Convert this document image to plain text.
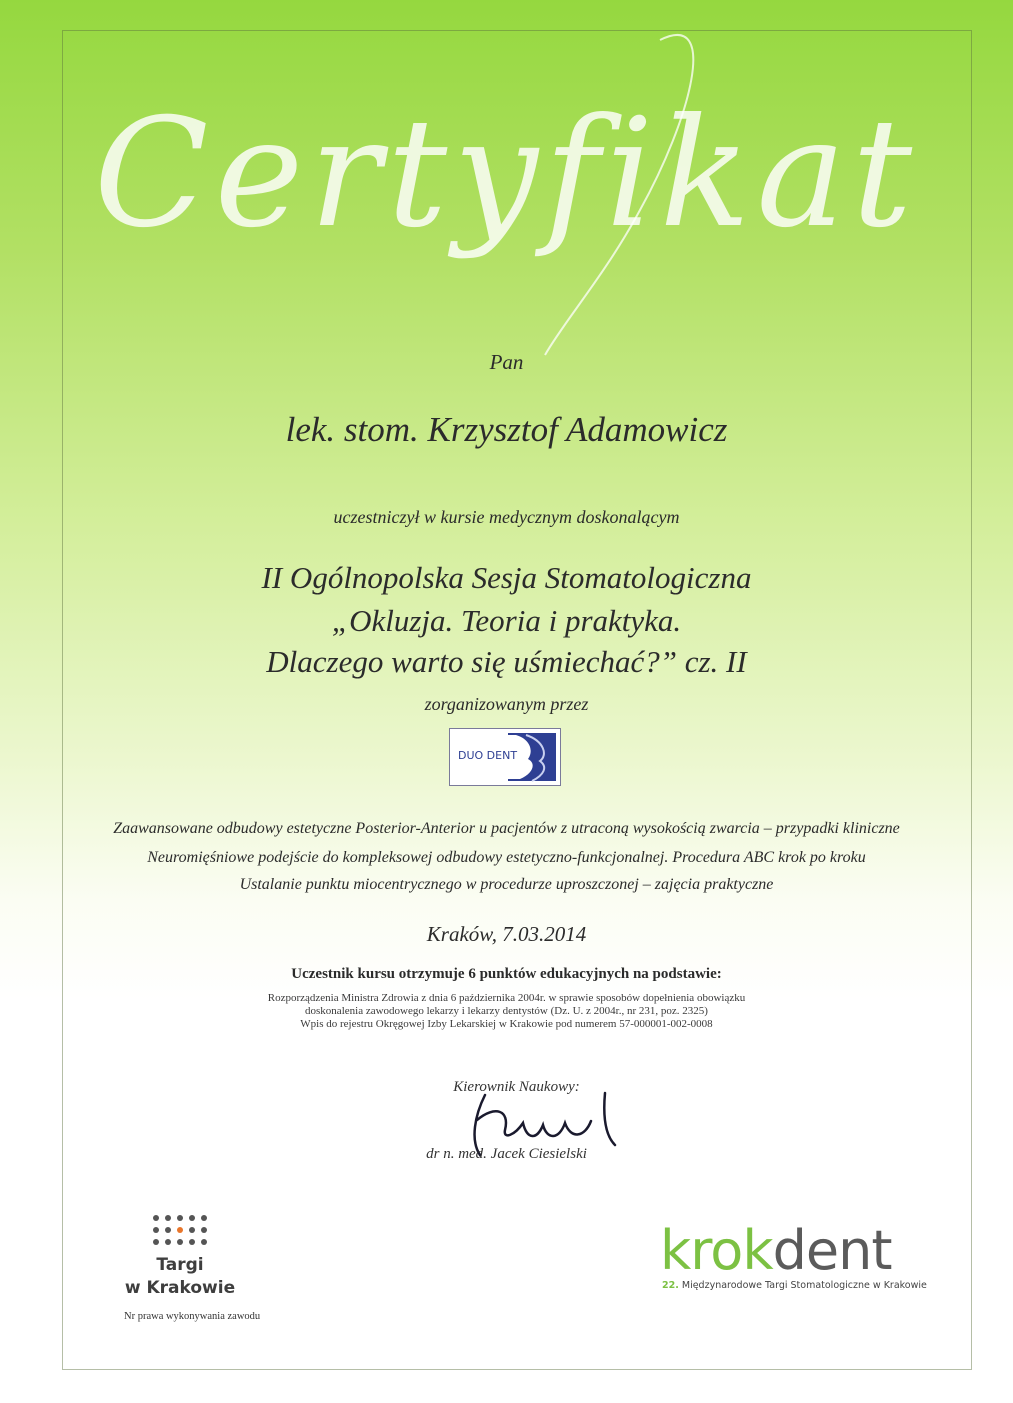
Certyfikat
Pan
lek. stom. Krzysztof Adamowicz
uczestniczył w kursie medycznym doskonalącym
II Ogólnopolska Sesja Stomatologiczna
„Okluzja. Teoria i praktyka.
Dlaczego warto się uśmiechać?” cz. II
zorganizowanym przez
DUO DENT
Zaawansowane odbudowy estetyczne Posterior-Anterior u pacjentów z utraconą wysokością zwarcia – przypadki kliniczne
Neuromięśniowe podejście do kompleksowej odbudowy estetyczno-funkcjonalnej. Procedura ABC krok po kroku
Ustalanie punktu miocentrycznego w procedurze uproszczonej – zajęcia praktyczne
Kraków, 7.03.2014
Uczestnik kursu otrzymuje 6 punktów edukacyjnych na podstawie:
Rozporządzenia Ministra Zdrowia z dnia 6 października 2004r. w sprawie sposobów dopełnienia obowiązku
doskonalenia zawodowego lekarzy i lekarzy dentystów (Dz. U. z 2004r., nr 231, poz. 2325)
Wpis do rejestru Okręgowej Izby Lekarskiej w Krakowie pod numerem 57-000001-002-0008
Kierownik Naukowy:
dr n. med. Jacek Ciesielski
Targi
w Krakowie
Nr prawa wykonywania zawodu
krokdent
22. Międzynarodowe Targi Stomatologiczne w Krakowie
